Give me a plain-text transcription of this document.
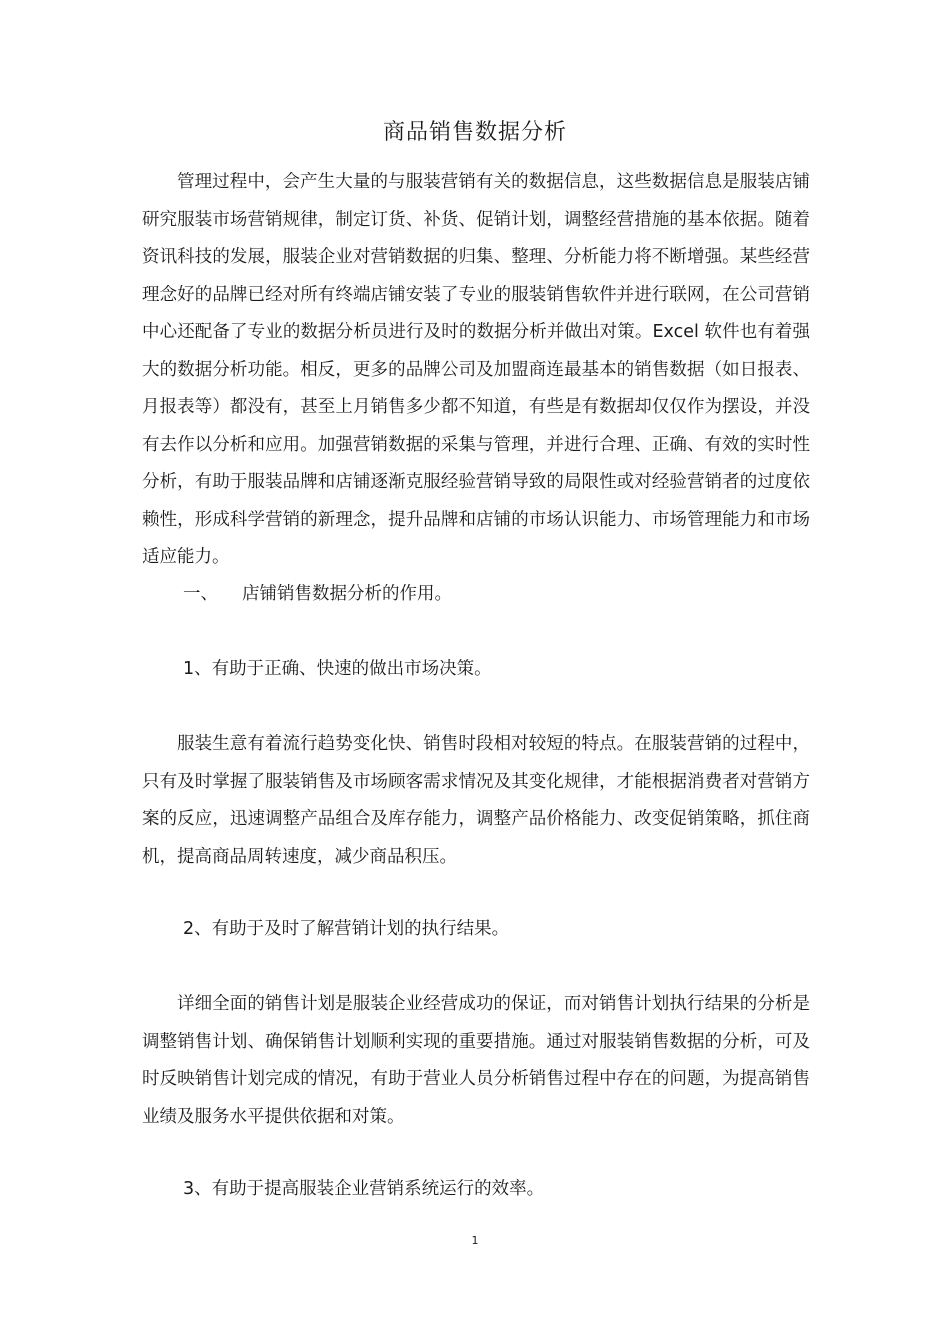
商品销售数据分析

管理过程中，会产生大量的与服装营销有关的数据信息，这些数据信息是服装店铺研究服装市场营销规律，制定订货、补货、促销计划，调整经营措施的基本依据。随着资讯科技的发展，服装企业对营销数据的归集、整理、分析能力将不断增强。某些经营理念好的品牌已经对所有终端店铺安装了专业的服装销售软件并进行联网，在公司营销中心还配备了专业的数据分析员进行及时的数据分析并做出对策。Excel 软件也有着强大的数据分析功能。相反，更多的品牌公司及加盟商连最基本的销售数据（如日报表、月报表等）都没有，甚至上月销售多少都不知道，有些是有数据却仅仅作为摆设，并没有去作以分析和应用。加强营销数据的采集与管理，并进行合理、正确、有效的实时性分析，有助于服装品牌和店铺逐渐克服经验营销导致的局限性或对经验营销者的过度依赖性，形成科学营销的新理念，提升品牌和店铺的市场认识能力、市场管理能力和市场适应能力。

一、 店铺销售数据分析的作用。

1、有助于正确、快速的做出市场决策。

服装生意有着流行趋势变化快、销售时段相对较短的特点。在服装营销的过程中，只有及时掌握了服装销售及市场顾客需求情况及其变化规律，才能根据消费者对营销方案的反应，迅速调整产品组合及库存能力，调整产品价格能力、改变促销策略，抓住商机，提高商品周转速度，减少商品积压。

2、有助于及时了解营销计划的执行结果。

详细全面的销售计划是服装企业经营成功的保证，而对销售计划执行结果的分析是调整销售计划、确保销售计划顺利实现的重要措施。通过对服装销售数据的分析，可及时反映销售计划完成的情况，有助于营业人员分析销售过程中存在的问题，为提高销售业绩及服务水平提供依据和对策。

3、有助于提高服装企业营销系统运行的效率。

1
